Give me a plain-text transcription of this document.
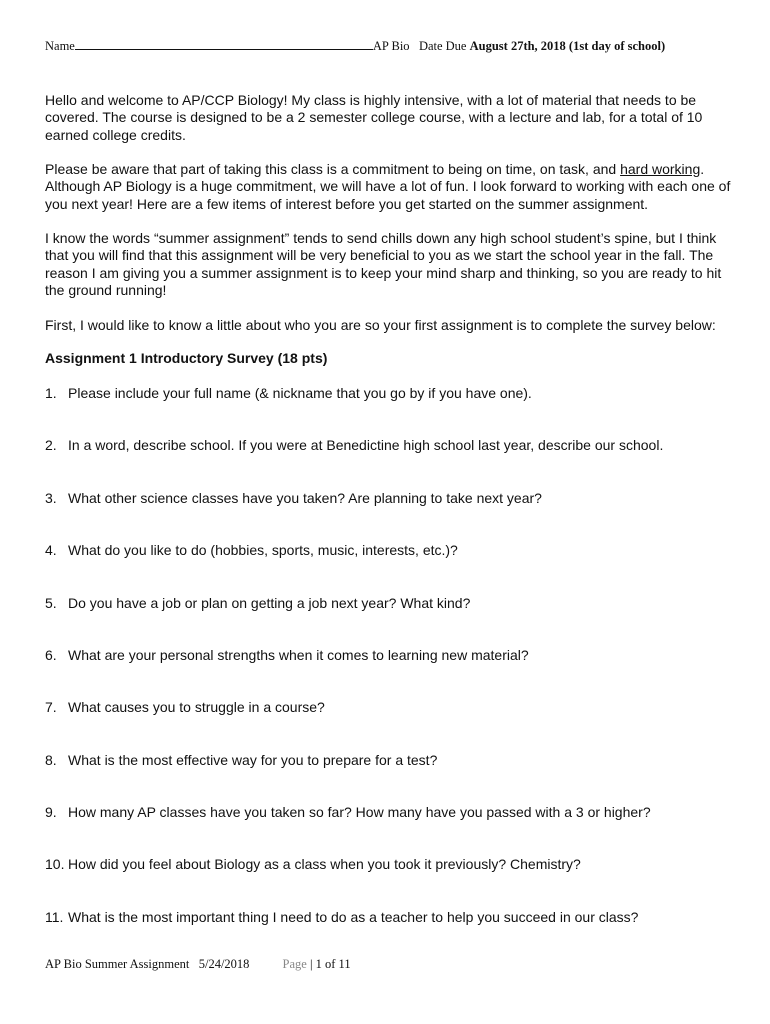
Name	AP Bio Date Due August 27th, 2018 (1st day of school)

Hello and welcome to AP/CCP Biology! My class is highly intensive, with a lot of material that needs to be covered. The course is designed to be a 2 semester college course, with a lecture and lab, for a total of 10 earned college credits.

Please be aware that part of taking this class is a commitment to being on time, on task, and hard working. Although AP Biology is a huge commitment, we will have a lot of fun. I look forward to working with each one of you next year! Here are a few items of interest before you get started on the summer assignment.

I know the words “summer assignment” tends to send chills down any high school student’s spine, but I think that you will find that this assignment will be very beneficial to you as we start the school year in the fall. The reason I am giving you a summer assignment is to keep your mind sharp and thinking, so you are ready to hit the ground running!

First, I would like to know a little about who you are so your first assignment is to complete the survey below:

Assignment 1 Introductory Survey (18 pts)

1. Please include your full name (& nickname that you go by if you have one).
2. In a word, describe school. If you were at Benedictine high school last year, describe our school.
3. What other science classes have you taken? Are planning to take next year?
4. What do you like to do (hobbies, sports, music, interests, etc.)?
5. Do you have a job or plan on getting a job next year? What kind?
6. What are your personal strengths when it comes to learning new material?
7. What causes you to struggle in a course?
8. What is the most effective way for you to prepare for a test?
9. How many AP classes have you taken so far? How many have you passed with a 3 or higher?
10. How did you feel about Biology as a class when you took it previously? Chemistry?
11. What is the most important thing I need to do as a teacher to help you succeed in our class?
AP Bio Summer Assignment 5/24/2018	Page | 1 of 11
